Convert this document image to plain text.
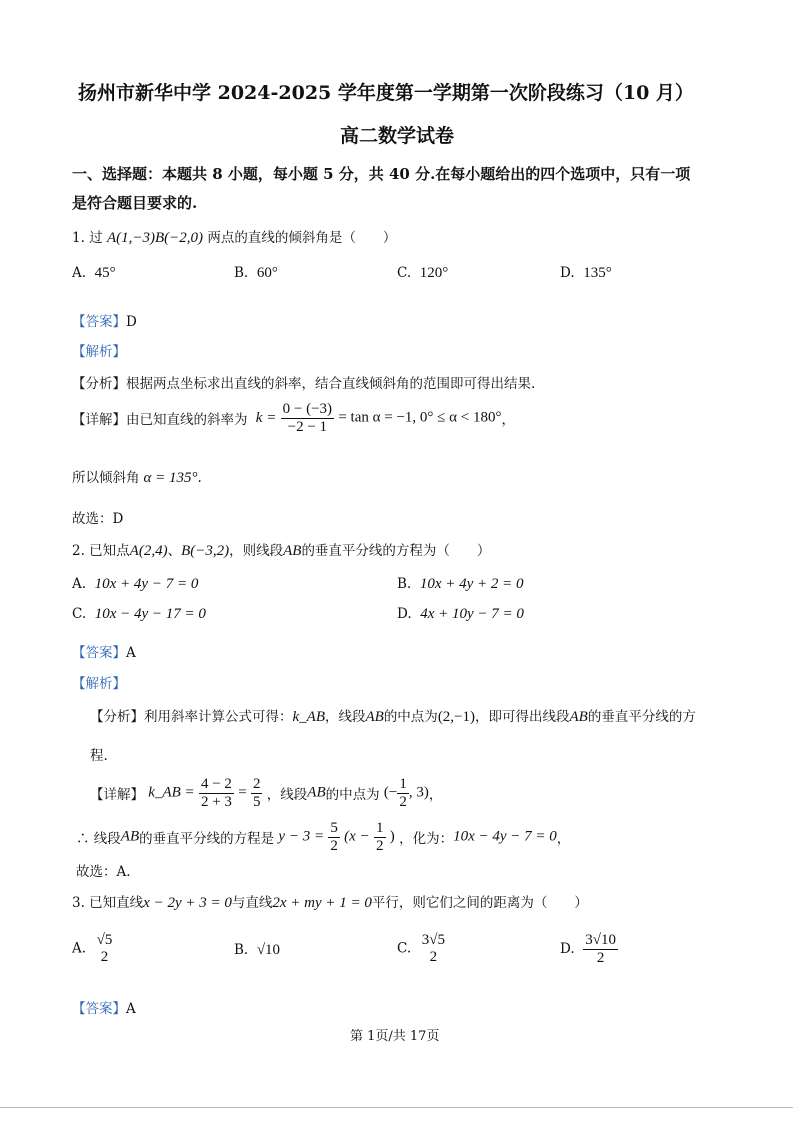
扬州市新华中学 2024-2025 学年度第一学期第一次阶段练习（10 月）
高二数学试卷
一、选择题：本题共 8 小题，每小题 5 分，共 40 分.在每小题给出的四个选项中，只有一项
是符合题目要求的.
1. 过 A(1,−3)B(−2,0) 两点的直线的倾斜角是（　　）
A. 45°	B. 60°	C. 120°	D. 135°
【答案】D
【解析】
【分析】根据两点坐标求出直线的斜率，结合直线倾斜角的范围即可得出结果.
【详解】由已知直线的斜率为 $k = \frac{0 - (-3)}{-2 - 1} = \tan \alpha = -1$, 0° ≤ α < 180°，
所以倾斜角 α = 135°.
故选：D
2. 已知点A(2,4)、B(−3,2)，则线段AB的垂直平分线的方程为（　　）
A. 10x + 4y − 7 = 0	B. 10x + 4y + 2 = 0
C. 10x − 4y − 17 = 0	D. 4x + 10y − 7 = 0
【答案】A
【解析】
【分析】利用斜率计算公式可得：k_AB，线段AB的中点为(2,−1)，即可得出线段AB的垂直平分线的方
程.
【详解】 k_AB = $\frac{4 - 2}{2 + 3} = \frac{2}{5}$ ，线段AB的中点为 (− $\frac{1}{2}$ , 3)，
∴ 线段AB的垂直平分线的方程是 $y - 3 = \frac{5}{2} (x - \frac{1}{2}$ ) ，化为：10x − 4y − 7 = 0，
故选：A.
3. 已知直线x − 2y + 3 = 0与直线2x + my + 1 = 0平行，则它们之间的距离为（　　）
A.
√5
2	B. √10	C.
3√5
2	D. $\frac{3√10}{2}$
【答案】A
第 1页/共 17页
